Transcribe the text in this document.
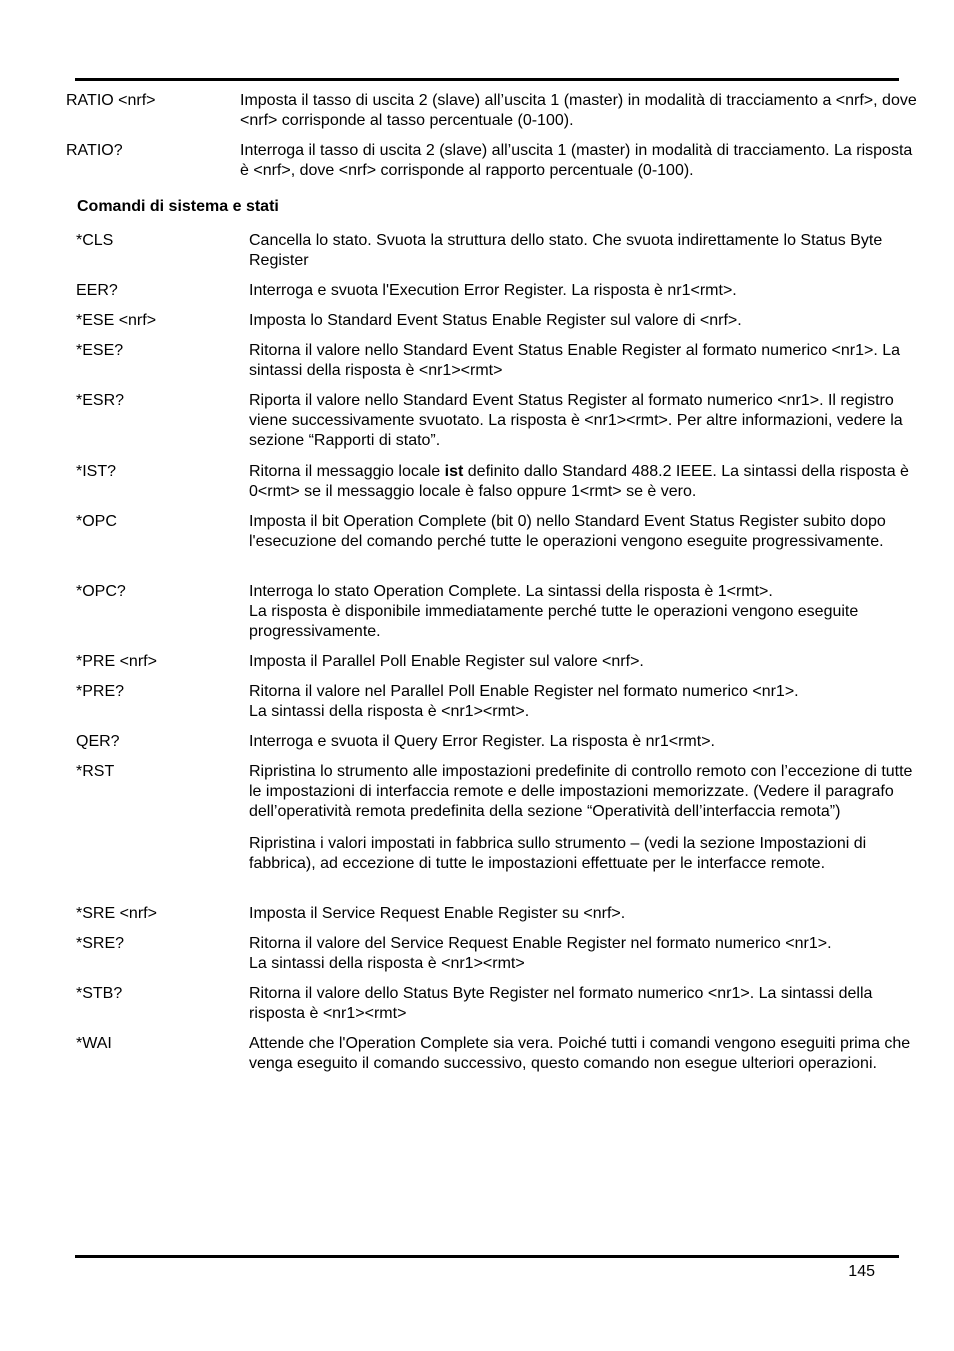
RATIO <nrf>	Imposta il tasso di uscita 2 (slave) all’uscita 1 (master) in modalità di tracciamento a <nrf>, dove <nrf> corrisponde al tasso percentuale (0-100).

RATIO?	Interroga il tasso di uscita 2 (slave) all’uscita 1 (master) in modalità di tracciamento. La risposta è <nrf>, dove <nrf> corrisponde al rapporto percentuale (0-100).

Comandi di sistema e stati
*CLS	Cancella lo stato. Svuota la struttura dello stato. Che svuota indirettamente lo Status Byte Register

EER?	Interroga e svuota l'Execution Error Register. La risposta è nr1<rmt>.

*ESE <nrf>	Imposta lo Standard Event Status Enable Register sul valore di <nrf>.

*ESE?	Ritorna il valore nello Standard Event Status Enable Register al formato numerico <nr1>. La sintassi della risposta è <nr1><rmt>

*ESR?	Riporta il valore nello Standard Event Status Register al formato numerico <nr1>. Il registro viene successivamente svuotato. La risposta è <nr1><rmt>. Per altre informazioni, vedere la sezione “Rapporti di stato”.

*IST?	Ritorna il messaggio locale ist definito dallo Standard 488.2 IEEE. La sintassi della risposta è 0<rmt> se il messaggio locale è falso oppure 1<rmt> se è vero.

*OPC	Imposta il bit Operation Complete (bit 0) nello Standard Event Status Register subito dopo l'esecuzione del comando perché tutte le operazioni vengono eseguite progressivamente.

*OPC?	Interroga lo stato Operation Complete. La sintassi della risposta è 1<rmt>.
La risposta è disponibile immediatamente perché tutte le operazioni vengono eseguite progressivamente.
*PRE <nrf>	Imposta il Parallel Poll Enable Register sul valore <nrf>.

*PRE?	Ritorna il valore nel Parallel Poll Enable Register nel formato numerico <nr1>.
La sintassi della risposta è <nr1><rmt>.
QER?	Interroga e svuota il Query Error Register. La risposta è nr1<rmt>.

*RST	Ripristina lo strumento alle impostazioni predefinite di controllo remoto con l’eccezione di tutte le impostazioni di interfaccia remote e delle impostazioni memorizzate. (Vedere il paragrafo dell’operatività remota predefinita della sezione “Operatività dell’interfaccia remota”)

Ripristina i valori impostati in fabbrica sullo strumento – (vedi la sezione Impostazioni di fabbrica), ad eccezione di tutte le impostazioni effettuate per le interfacce remote.

*SRE <nrf>	Imposta il Service Request Enable Register su <nrf>.

*SRE?	Ritorna il valore del Service Request Enable Register nel formato numerico <nr1>.
La sintassi della risposta è <nr1><rmt>
*STB?	Ritorna il valore dello Status Byte Register nel formato numerico <nr1>. La sintassi della risposta è <nr1><rmt>

*WAI	Attende che l'Operation Complete sia vera. Poiché tutti i comandi vengono eseguiti prima che venga eseguito il comando successivo, questo comando non esegue ulteriori operazioni.

145
